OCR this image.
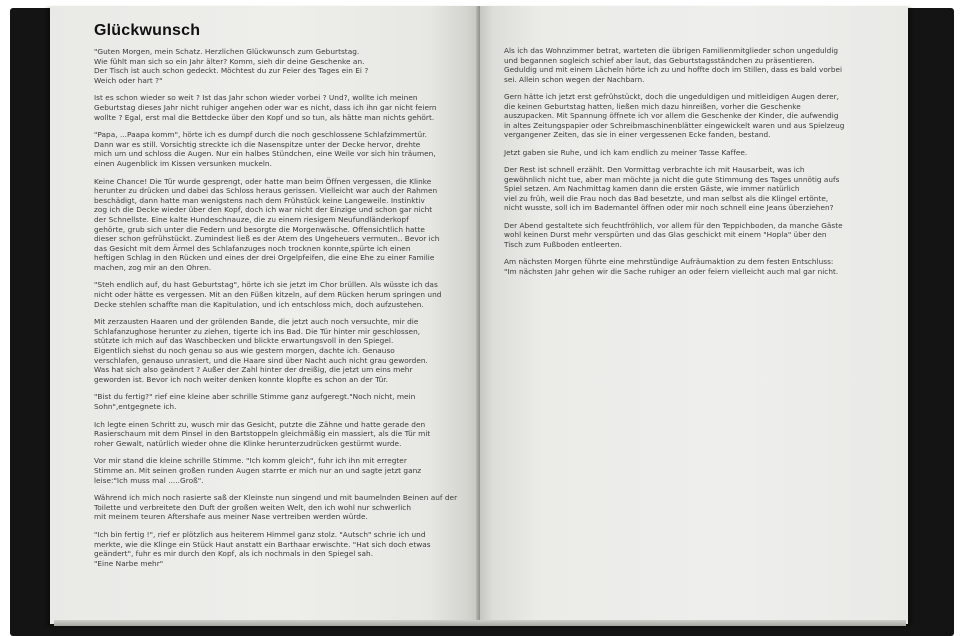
Glückwunsch

"Guten Morgen, mein Schatz. Herzlichen Glückwunsch zum Geburtstag.
Wie fühlt man sich so ein Jahr älter? Komm, sieh dir deine Geschenke an.
Der Tisch ist auch schon gedeckt. Möchtest du zur Feier des Tages ein Ei ?
Weich oder hart ?"

Ist es schon wieder so weit ? Ist das Jahr schon wieder vorbei ? Und?, wollte ich meinen
Geburtstag dieses Jahr nicht ruhiger angehen oder war es nicht, dass ich ihn gar nicht feiern
wollte ? Egal, erst mal die Bettdecke über den Kopf und so tun, als hätte man nichts gehört.

"Papa, ...Paapa komm", hörte ich es dumpf durch die noch geschlossene Schlafzimmertür.
Dann war es still. Vorsichtig streckte ich die Nasenspitze unter der Decke hervor, drehte
mich um und schloss die Augen. Nur ein halbes Stündchen, eine Weile vor sich hin träumen,
einen Augenblick im Kissen versunken muckeln.

Keine Chance! Die Tür wurde gesprengt, oder hatte man beim Öffnen vergessen, die Klinke
herunter zu drücken und dabei das Schloss heraus gerissen. Vielleicht war auch der Rahmen
beschädigt, dann hatte man wenigstens nach dem Frühstück keine Langeweile. Instinktiv
zog ich die Decke wieder über den Kopf, doch ich war nicht der Einzige und schon gar nicht
der Schnellste. Eine kalte Hundeschnauze, die zu einem riesigem Neufundländerkopf
gehörte, grub sich unter die Federn und besorgte die Morgenwäsche. Offensichtlich hatte
dieser schon gefrühstückt. Zumindest ließ es der Atem des Ungeheuers vermuten.. Bevor ich
das Gesicht mit dem Ärmel des Schlafanzuges noch trocknen konnte,spürte ich einen
heftigen Schlag in den Rücken und eines der drei Orgelpfeifen, die eine Ehe zu einer Familie
machen, zog mir an den Ohren.

"Steh endlich auf, du hast Geburtstag", hörte ich sie jetzt im Chor brüllen. Als wüsste ich das
nicht oder hätte es vergessen. Mit an den Füßen kitzeln, auf dem Rücken herum springen und
Decke stehlen schaffte man die Kapitulation, und ich entschloss mich, doch aufzustehen.

Mit zerzausten Haaren und der grölenden Bande, die jetzt auch noch versuchte, mir die
Schlafanzughose herunter zu ziehen, tigerte ich ins Bad. Die Tür hinter mir geschlossen,
stützte ich mich auf das Waschbecken und blickte erwartungsvoll in den Spiegel.
Eigentlich siehst du noch genau so aus wie gestern morgen, dachte ich. Genauso
verschlafen, genauso unrasiert, und die Haare sind über Nacht auch nicht grau geworden.
Was hat sich also geändert ? Außer der Zahl hinter der dreißig, die jetzt um eins mehr
geworden ist. Bevor ich noch weiter denken konnte klopfte es schon an der Tür.

"Bist du fertig?" rief eine kleine aber schrille Stimme ganz aufgeregt."Noch nicht, mein
Sohn",entgegnete ich.

Ich legte einen Schritt zu, wusch mir das Gesicht, putzte die Zähne und hatte gerade den
Rasierschaum mit dem Pinsel in den Bartstoppeln gleichmäßig ein massiert, als die Tür mit
roher Gewalt, natürlich wieder ohne die Klinke herunterzudrücken gestürmt wurde.

Vor mir stand die kleine schrille Stimme. "Ich komm gleich", fuhr ich ihn mit erregter
Stimme an. Mit seinen großen runden Augen starrte er mich nur an und sagte jetzt ganz
leise:"Ich muss mal .....Groß".

Während ich mich noch rasierte saß der Kleinste nun singend und mit baumelnden Beinen auf der
Toilette und verbreitete den Duft der großen weiten Welt, den ich wohl nur schwerlich
mit meinem teuren Aftershafe aus meiner Nase vertreiben werden würde.

"Ich bin fertig !", rief er plötzlich aus heiterem Himmel ganz stolz. "Autsch" schrie ich und
merkte, wie die Klinge ein Stück Haut anstatt ein Barthaar erwischte. "Hat sich doch etwas
geändert", fuhr es mir durch den Kopf, als ich nochmals in den Spiegel sah.
"Eine Narbe mehr"

Als ich das Wohnzimmer betrat, warteten die übrigen Familienmitglieder schon ungeduldig
und begannen sogleich schief aber laut, das Geburtstagsständchen zu präsentieren.
Geduldig und mit einem Lächeln hörte ich zu und hoffte doch im Stillen, dass es bald vorbei
sei. Allein schon wegen der Nachbarn.

Gern hätte ich jetzt erst gefrühstückt, doch die ungeduldigen und mitleidigen Augen derer,
die keinen Geburtstag hatten, ließen mich dazu hinreißen, vorher die Geschenke
auszupacken. Mit Spannung öffnete ich vor allem die Geschenke der Kinder, die aufwendig
in altes Zeitungspapier oder Schreibmaschinenblätter eingewickelt waren und aus Spielzeug
vergangener Zeiten, das sie in einer vergessenen Ecke fanden, bestand.

Jetzt gaben sie Ruhe, und ich kam endlich zu meiner Tasse Kaffee.

Der Rest ist schnell erzählt. Den Vormittag verbrachte ich mit Hausarbeit, was ich
gewöhnlich nicht tue, aber man möchte ja nicht die gute Stimmung des Tages unnötig aufs
Spiel setzen. Am Nachmittag kamen dann die ersten Gäste, wie immer natürlich
viel zu früh, weil die Frau noch das Bad besetzte, und man selbst als die Klingel ertönte,
nicht wusste, soll ich im Bademantel öffnen oder mir noch schnell eine Jeans überziehen?

Der Abend gestaltete sich feuchtfröhlich, vor allem für den Teppichboden, da manche Gäste
wohl keinen Durst mehr verspürten und das Glas geschickt mit einem "Hopla" über den
Tisch zum Fußboden entleerten.

Am nächsten Morgen führte eine mehrstündige Aufräumaktion zu dem festen Entschluss:
"Im nächsten Jahr gehen wir die Sache ruhiger an oder feiern vielleicht auch mal gar nicht.
